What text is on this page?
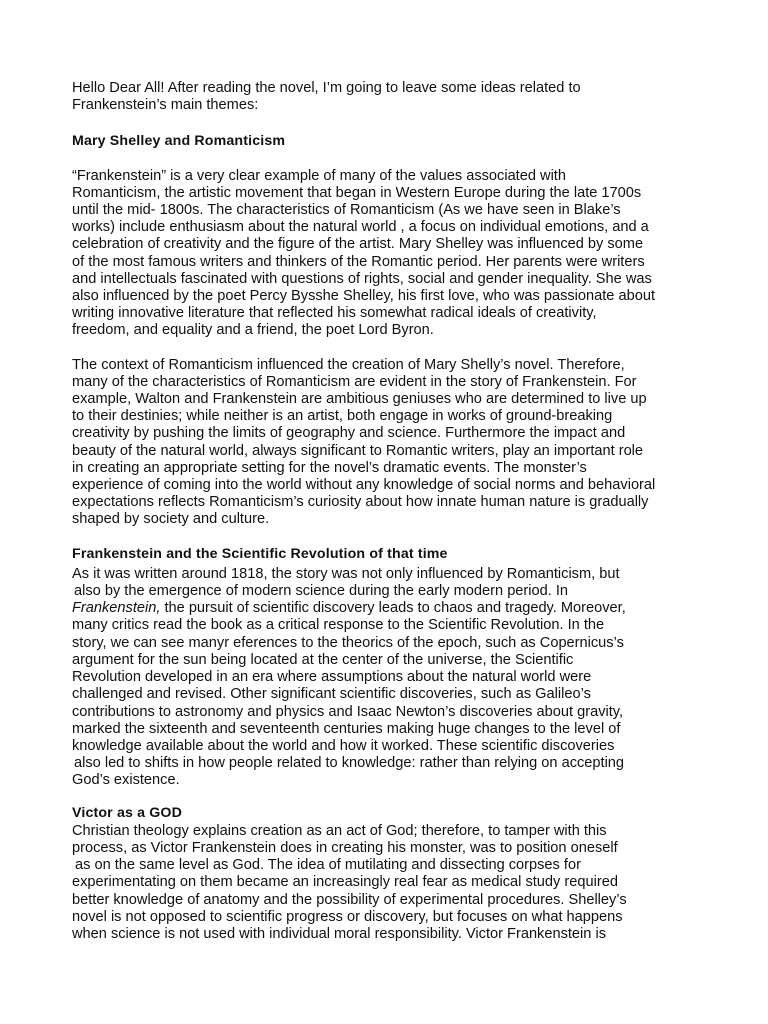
Hello Dear All! After reading the novel, I’m going to leave some ideas related to
Frankenstein’s main themes:

Mary Shelley and Romanticism

“Frankenstein” is a very clear example of many of the values associated with
Romanticism, the artistic movement that began in Western Europe during the late 1700s
until the mid- 1800s. The characteristics of Romanticism (As we have seen in Blake’s
works) include enthusiasm about the natural world , a focus on individual emotions, and a
celebration of creativity and the figure of the artist. Mary Shelley was influenced by some
of the most famous writers and thinkers of the Romantic period. Her parents were writers
and intellectuals fascinated with questions of rights, social and gender inequality. She was
also influenced by the poet Percy Bysshe Shelley, his first love, who was passionate about
writing innovative literature that reflected his somewhat radical ideals of creativity,
freedom, and equality and a friend, the poet Lord Byron.

The context of Romanticism influenced the creation of Mary Shelly’s novel. Therefore,
many of the characteristics of Romanticism are evident in the story of Frankenstein. For
example, Walton and Frankenstein are ambitious geniuses who are determined to live up
to their destinies; while neither is an artist, both engage in works of ground-breaking
creativity by pushing the limits of geography and science. Furthermore the impact and
beauty of the natural world, always significant to Romantic writers, play an important role
in creating an appropriate setting for the novel’s dramatic events. The monster’s
experience of coming into the world without any knowledge of social norms and behavioral
expectations reflects Romanticism’s curiosity about how innate human nature is gradually
shaped by society and culture.

Frankenstein and the Scientific Revolution of that time

As it was written around 1818, the story was not only influenced by Romanticism, but
also by the emergence of modern science during the early modern period. In
Frankenstein, the pursuit of scientific discovery leads to chaos and tragedy. Moreover,
many critics read the book as a critical response to the Scientific Revolution. In the
story, we can see manyr eferences to the theorics of the epoch, such as Copernicus’s
argument for the sun being located at the center of the universe, the Scientific
Revolution developed in an era where assumptions about the natural world were
challenged and revised. Other significant scientific discoveries, such as Galileo’s
contributions to astronomy and physics and Isaac Newton’s discoveries about gravity,
marked the sixteenth and seventeenth centuries making huge changes to the level of
knowledge available about the world and how it worked. These scientific discoveries
also led to shifts in how people related to knowledge: rather than relying on accepting
God’s existence.

Victor as a GOD

Christian theology explains creation as an act of God; therefore, to tamper with this
process, as Victor Frankenstein does in creating his monster, was to position oneself
as on the same level as God. The idea of mutilating and dissecting corpses for
experimentating on them became an increasingly real fear as medical study required
better knowledge of anatomy and the possibility of experimental procedures. Shelley’s
novel is not opposed to scientific progress or discovery, but focuses on what happens
when science is not used with individual moral responsibility. Victor Frankenstein is
